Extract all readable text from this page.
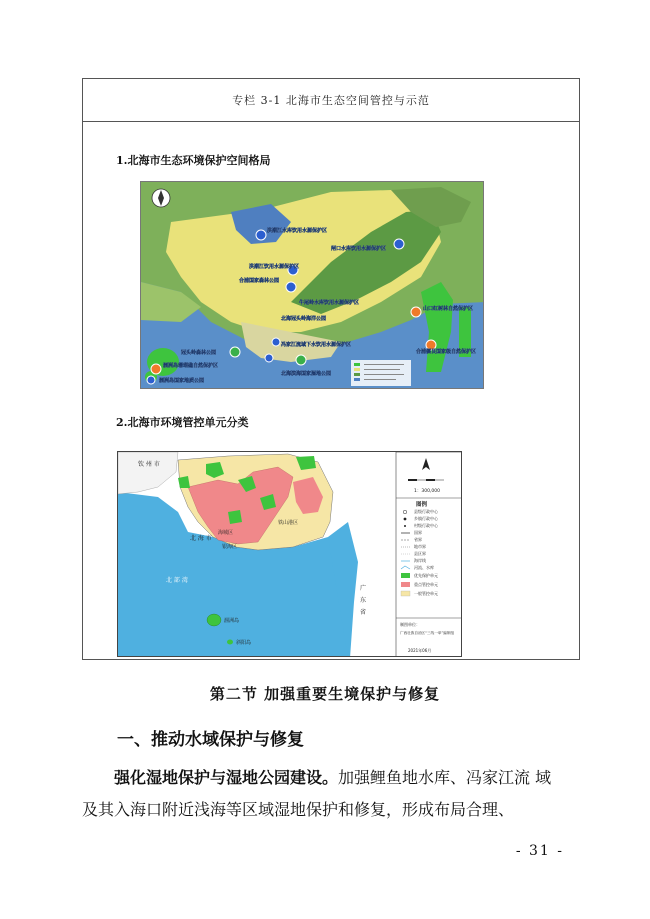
专栏 3-1 北海市生态空间管控与示范
1.北海市生态环境保护空间格局
洪潮江水库饮用水源保护区
闸口水库饮用水源保护区
洪潮江饮用水源保护区
合浦国家森林公园
牛尾岭水库饮用水源保护区
北海冠头岭海洋公园
冯家江流域下水饮用水源保护区
冠头岭森林公园
北海滨海国家湿地公园
合浦儒艮国家级自然保护区
山口红树林自然保护区
涠洲岛珊瑚礁自然保护区
涠洲岛国家地质公园
2.北海市环境管控单元分类
钦 州 市
北 海 市
北 部 湾
广
东
省
涠洲岛
斜阳岛
海城区
银海区
铁山港区
1：300,000
图例
县级行政中心
乡镇行政中心
村级行政中心
国界
省界
地市界
县区界
海岸线
河流、水库
优先保护单元
重点管控单元
一般管控单元
制图单位：
广西壮族自治区“三线一单”编制组
2021年06月
第二节 加强重要生境保护与修复
一、推动水域保护与修复
强化湿地保护与湿地公园建设。加强鲤鱼地水库、冯家江流 域
及其入海口附近浅海等区域湿地保护和修复，形成布局合理、
- 31 -
